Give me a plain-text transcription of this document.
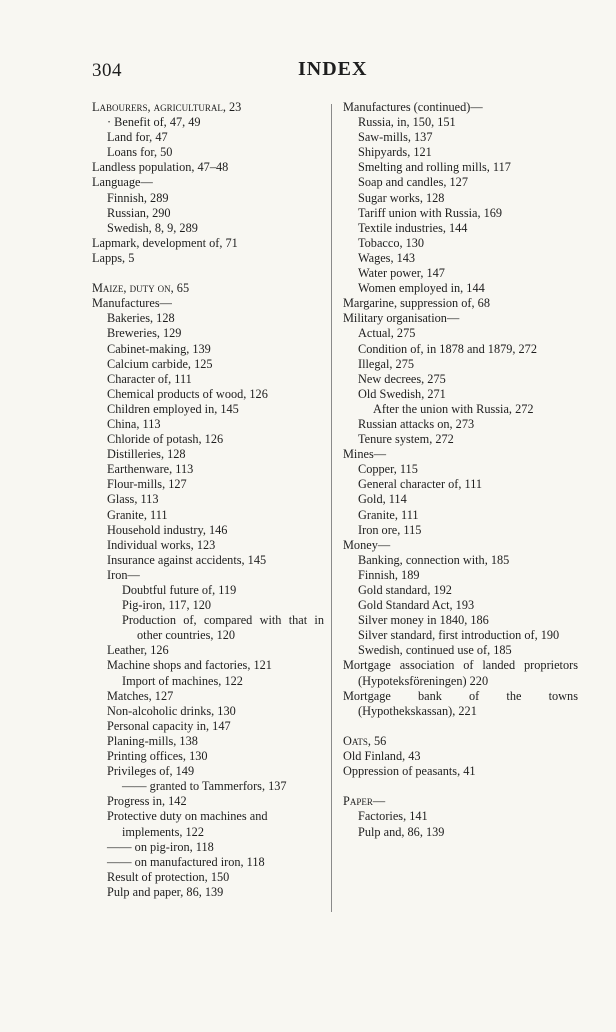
304	INDEX
Labourers, agricultural, 23
· Benefit of, 47, 49
Land for, 47
Loans for, 50
Landless population, 47–48
Language—
Finnish, 289
Russian, 290
Swedish, 8, 9, 289
Lapmark, development of, 71
Lapps, 5
Maize, duty on, 65
Manufactures—
Bakeries, 128
Breweries, 129
Cabinet-making, 139
Calcium carbide, 125
Character of, 111
Chemical products of wood, 126
Children employed in, 145
China, 113
Chloride of potash, 126
Distilleries, 128
Earthenware, 113
Flour-mills, 127
Glass, 113
Granite, 111
Household industry, 146
Individual works, 123
Insurance against accidents, 145
Iron—
Doubtful future of, 119
Pig-iron, 117, 120
Production of, compared with that in other countries, 120
Leather, 126
Machine shops and factories, 121
Import of machines, 122
Matches, 127
Non-alcoholic drinks, 130
Personal capacity in, 147
Planing-mills, 138
Printing offices, 130
Privileges of, 149
—— granted to Tammerfors, 137
Progress in, 142
Protective duty on machines and implements, 122
—— on pig-iron, 118
—— on manufactured iron, 118
Result of protection, 150
Pulp and paper, 86, 139
Manufactures (continued)—
Russia, in, 150, 151
Saw-mills, 137
Shipyards, 121
Smelting and rolling mills, 117
Soap and candles, 127
Sugar works, 128
Tariff union with Russia, 169
Textile industries, 144
Tobacco, 130
Wages, 143
Water power, 147
Women employed in, 144
Margarine, suppression of, 68
Military organisation—
Actual, 275
Condition of, in 1878 and 1879, 272
Illegal, 275
New decrees, 275
Old Swedish, 271
After the union with Russia, 272
Russian attacks on, 273
Tenure system, 272
Mines—
Copper, 115
General character of, 111
Gold, 114
Granite, 111
Iron ore, 115
Money—
Banking, connection with, 185
Finnish, 189
Gold standard, 192
Gold Standard Act, 193
Silver money in 1840, 186
Silver standard, first introduction of, 190
Swedish, continued use of, 185
Mortgage association of landed proprietors (Hypoteksföreningen) 220
Mortgage bank of the towns (Hypothekskassan), 221
Oats, 56
Old Finland, 43
Oppression of peasants, 41
Paper—
Factories, 141
Pulp and, 86, 139
